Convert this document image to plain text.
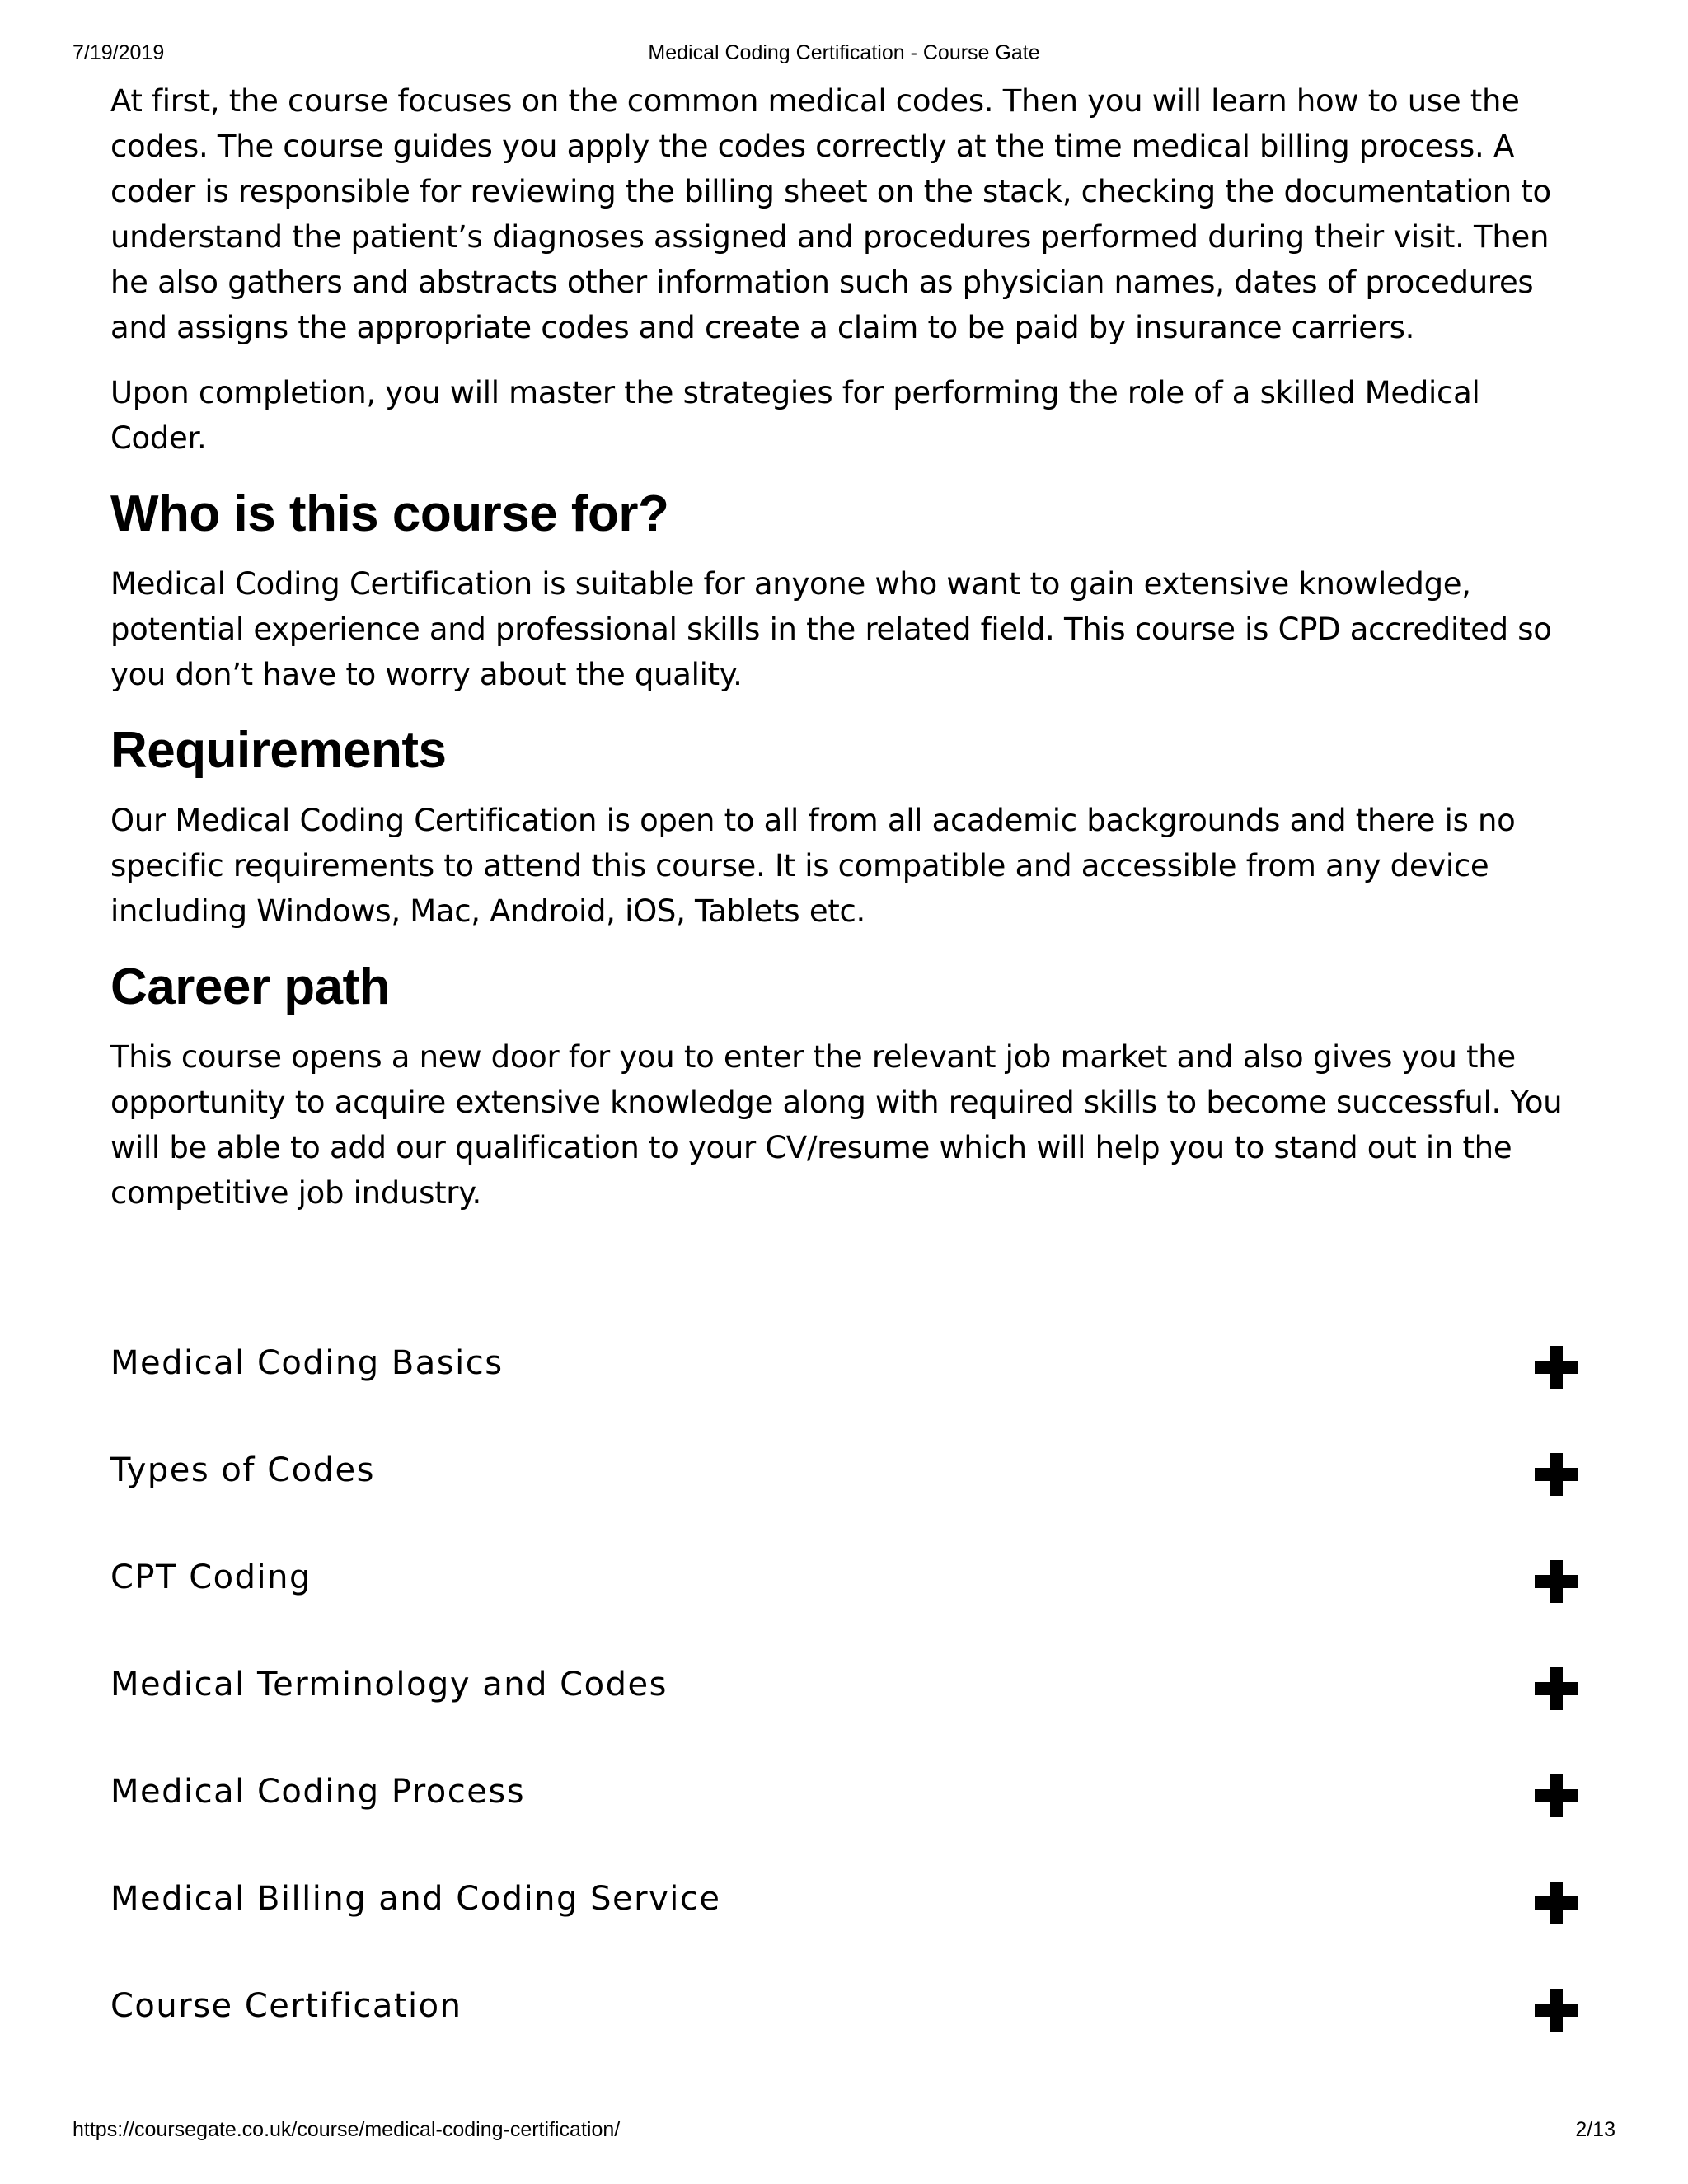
7/19/2019	Medical Coding Certification - Course Gate

At first, the course focuses on the common medical codes. Then you will learn how to use the codes. The course guides you apply the codes correctly at the time medical billing process. A coder is responsible for reviewing the billing sheet on the stack, checking the documentation to understand the patient’s diagnoses assigned and procedures performed during their visit. Then he also gathers and abstracts other information such as physician names, dates of procedures and assigns the appropriate codes and create a claim to be paid by insurance carriers.

Upon completion, you will master the strategies for performing the role of a skilled Medical Coder.

Who is this course for?

Medical Coding Certification is suitable for anyone who want to gain extensive knowledge, potential experience and professional skills in the related field. This course is CPD accredited so you don’t have to worry about the quality.

Requirements

Our Medical Coding Certification is open to all from all academic backgrounds and there is no specific requirements to attend this course. It is compatible and accessible from any device including Windows, Mac, Android, iOS, Tablets etc.

Career path

This course opens a new door for you to enter the relevant job market and also gives you the opportunity to acquire extensive knowledge along with required skills to become successful. You will be able to add our qualification to your CV/resume which will help you to stand out in the competitive job industry.

Medical Coding Basics
Types of Codes
CPT Coding
Medical Terminology and Codes
Medical Coding Process
Medical Billing and Coding Service
Course Certification
https://coursegate.co.uk/course/medical-coding-certification/	2/13
